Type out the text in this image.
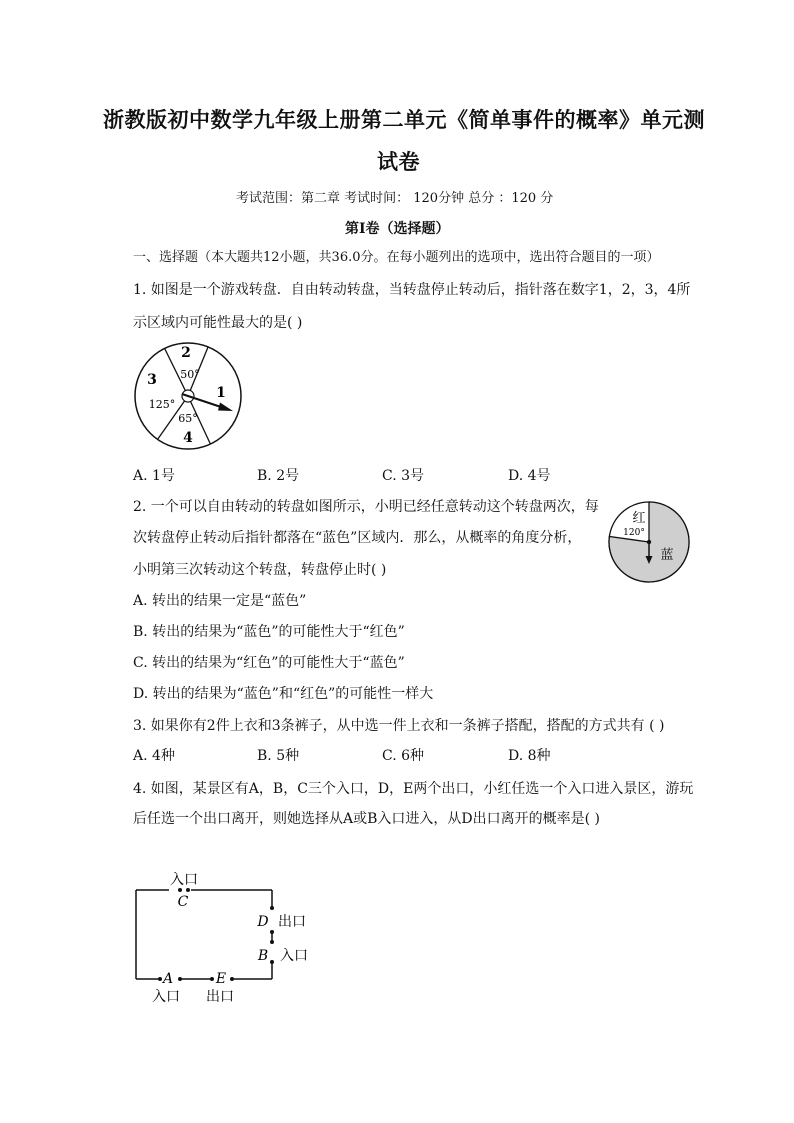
浙教版初中数学九年级上册第二单元《简单事件的概率》单元测
试卷
考试范围：第二章 考试时间： 120分钟 总分 ：120 分
第I卷（选择题）
一、选择题（本大题共12小题，共36.0分。在每小题列出的选项中，选出符合题目的一项）
1. 如图是一个游戏转盘．自由转动转盘，当转盘停止转动后，指针落在数字1，2，3，4所
示区域内可能性最大的是( )
2
50°
3
125°
1
65°
4
A. 1号	B. 2号	C. 3号	D. 4号
2. 一个可以自由转动的转盘如图所示，小明已经任意转动这个转盘两次，每
次转盘停止转动后指针都落在“蓝色”区域内．那么，从概率的角度分析，
小明第三次转动这个转盘，转盘停止时( )
红
120°
蓝
A. 转出的结果一定是“蓝色”
B. 转出的结果为“蓝色”的可能性大于“红色”
C. 转出的结果为“红色”的可能性大于“蓝色”
D. 转出的结果为“蓝色”和“红色”的可能性一样大
3. 如果你有2件上衣和3条裤子，从中选一件上衣和一条裤子搭配，搭配的方式共有 ( )
A. 4种	B. 5种	C. 6种	D. 8种
4. 如图，某景区有A，B，C三个入口，D，E两个出口，小红任选一个入口进入景区，游玩
后任选一个出口离开，则她选择从A或B入口进入，从D出口离开的概率是( )
入口
C
D 出口
B 入口
A	E
入口 出口
